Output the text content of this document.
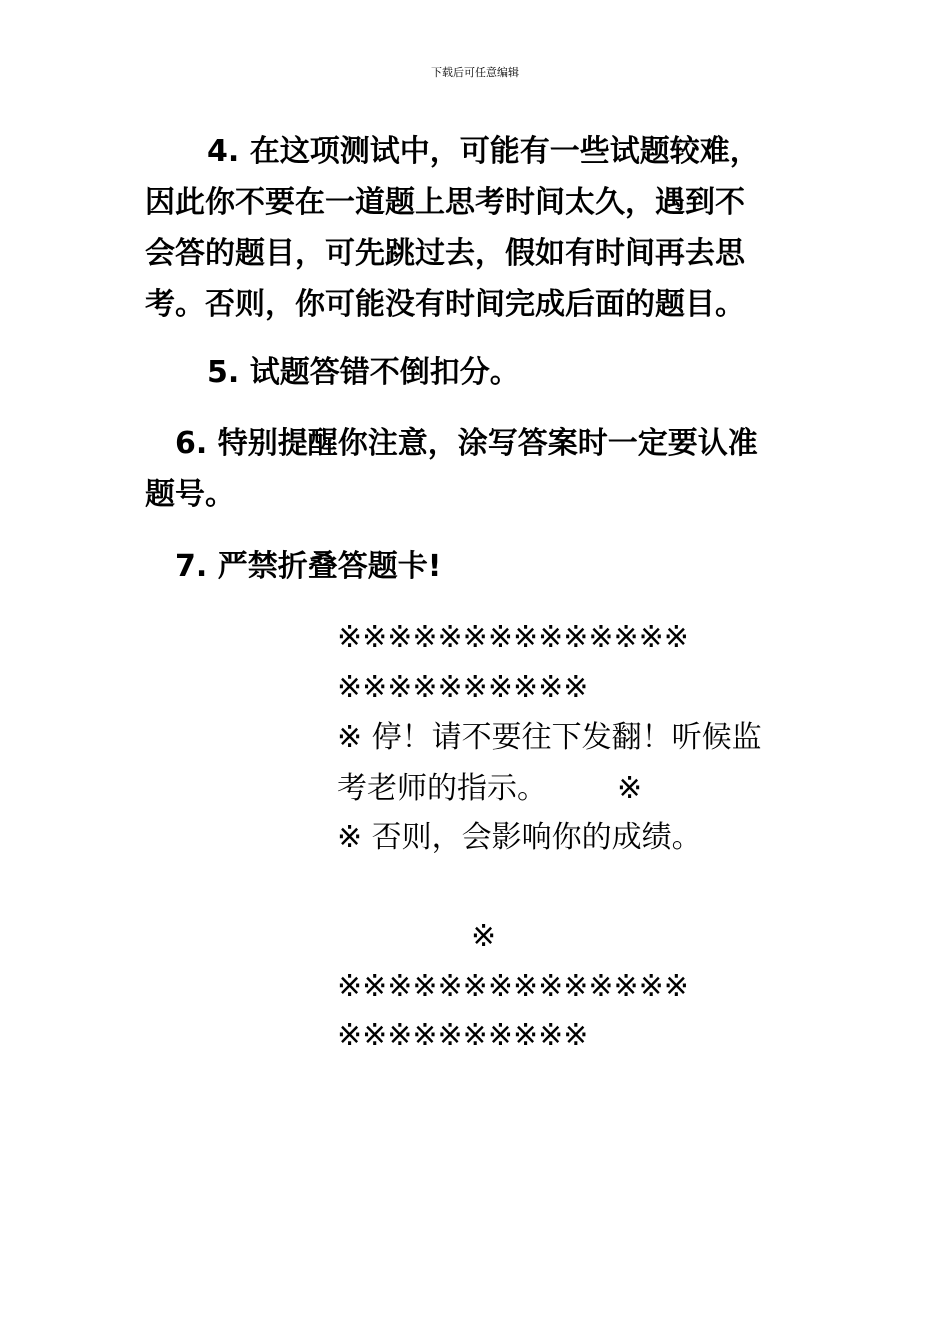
下载后可任意编辑
4. 在这项测试中，可能有一些试题较难，
因此你不要在一道题上思考时间太久，遇到不
会答的题目，可先跳过去，假如有时间再去思
考。否则，你可能没有时间完成后面的题目。
5. 试题答错不倒扣分。
6. 特别提醒你注意，涂写答案时一定要认准
题号。
7. 严禁折叠答题卡!
※※※※※※※※※※※※※※
※※※※※※※※※※
※ 停！请不要往下发翻！听候监
考老师的指示。 ※
※ 否则，会影响你的成绩。
※
※※※※※※※※※※※※※※
※※※※※※※※※※
